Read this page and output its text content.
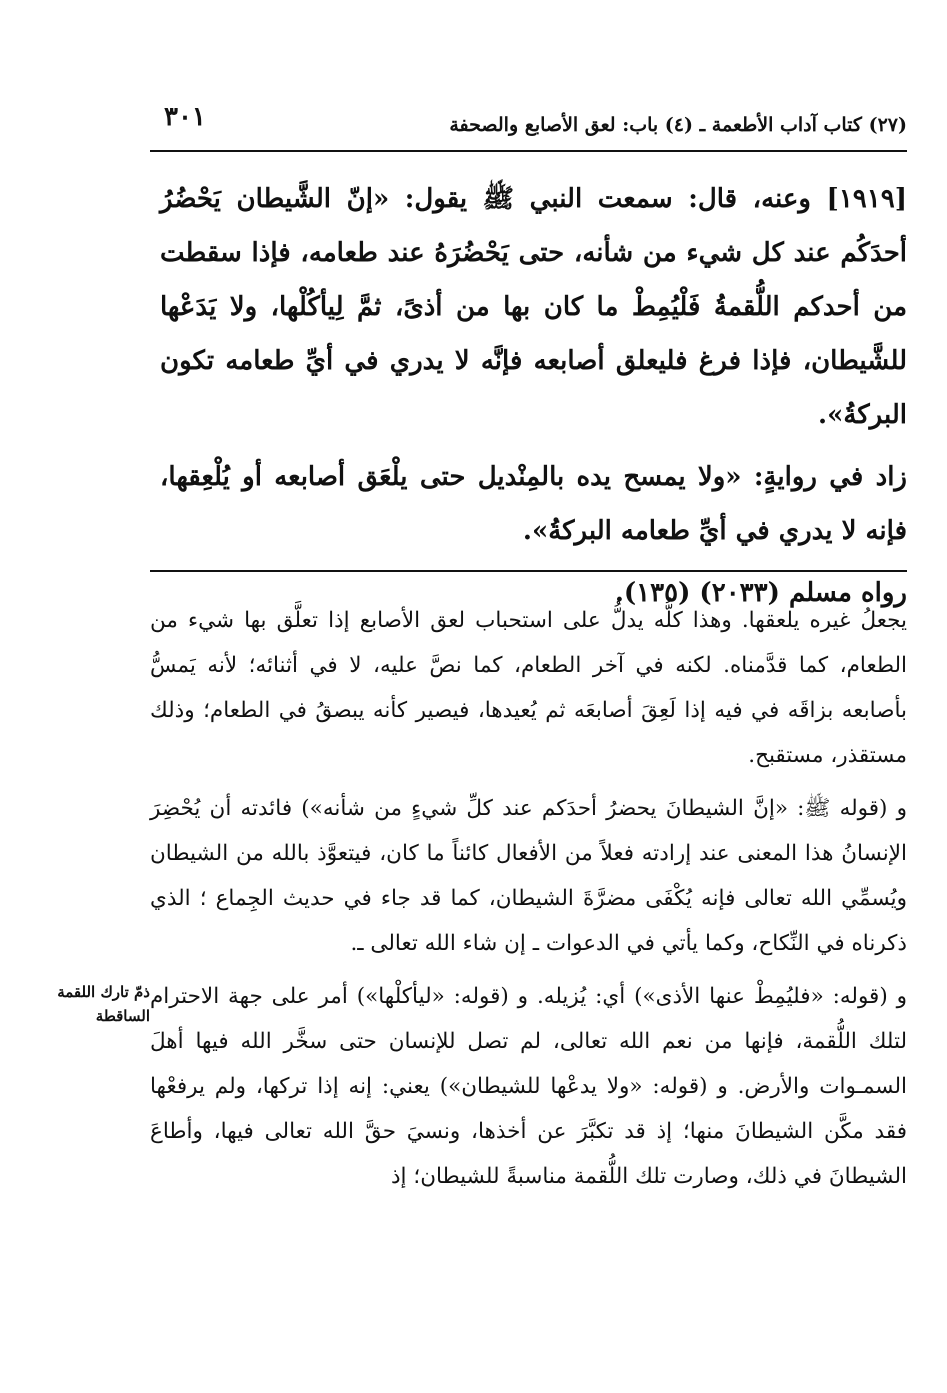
(٢٧) كتاب آداب الأطعمة ـ (٤) باب: لعق الأصابع والصحفة
٣٠١

[١٩١٩] وعنه، قال: سمعت النبي ﷺ يقول: «إنّ الشَّيطان يَحْضُرُ أحدَكُم عند كل شيء من شأنه، حتى يَحْضُرَهُ عند طعامه، فإذا سقطت من أحدكم اللُّقمةُ فَلْيُمِطْ ما كان بها من أذىً، ثمَّ لِيأكُلْها، ولا يَدَعْها للشَّيطان، فإذا فرغ فليعلق أصابعه فإنَّه لا يدري في أيِّ طعامه تكون البركةُ».

زاد في روايةٍ: «ولا يمسح يده بالمِنْديل حتى يلْعَق أصابعه أو يُلْعِقها، فإنه لا يدري في أيِّ طعامه البركةُ».

رواه مسلم (٢٠٣٣) (١٣٥).

يجعلُ غيره يلعقها. وهذا كلُّه يدلُّ على استحباب لعق الأصابع إذا تعلَّق بها شيء من الطعام، كما قدَّمناه. لكنه في آخر الطعام، كما نصَّ عليه، لا في أثنائه؛ لأنه يَمسُّ بأصابعه بزاقَه في فيه إذا لَعِقَ أصابعَه ثم يُعيدها، فيصير كأنه يبصقُ في الطعام؛ وذلك مستقذر، مستقبح.

و (قوله ﷺ: «إنَّ الشيطانَ يحضرُ أحدَكم عند كلِّ شيءٍ من شأنه») فائدته أن يُحْضِرَ الإنسانُ هذا المعنى عند إرادته فعلاً من الأفعال كائناً ما كان، فيتعوَّذ بالله من الشيطان ويُسمِّي الله تعالى فإنه يُكْفَى مضرَّةَ الشيطان، كما قد جاء في حديث الجِماع ؛ الذي ذكرناه في النِّكاح، وكما يأتي في الدعوات ـ إن شاء الله تعالى ـ.

و (قوله: «فليُمِطْ عنها الأذى») أي: يُزيله. و (قوله: «ليأكلْها») أمر على جهة الاحترام لتلك اللُّقمة، فإنها من نعم الله تعالى، لم تصل للإنسان حتى سخَّر الله فيها أهلَ السمـوات والأرض. و (قوله: «ولا يدعْها للشيطان») يعني: إنه إذا تركها، ولم يرفعْها فقد مكَّن الشيطانَ منها؛ إذ قد تكبَّرَ عن أخذها، ونسيَ حقَّ الله تعالى فيها، وأطاعَ الشيطانَ في ذلك، وصارت تلك اللُّقمة مناسبةً للشيطان؛ إذ

ذمّ تارك اللقمة الساقطة
